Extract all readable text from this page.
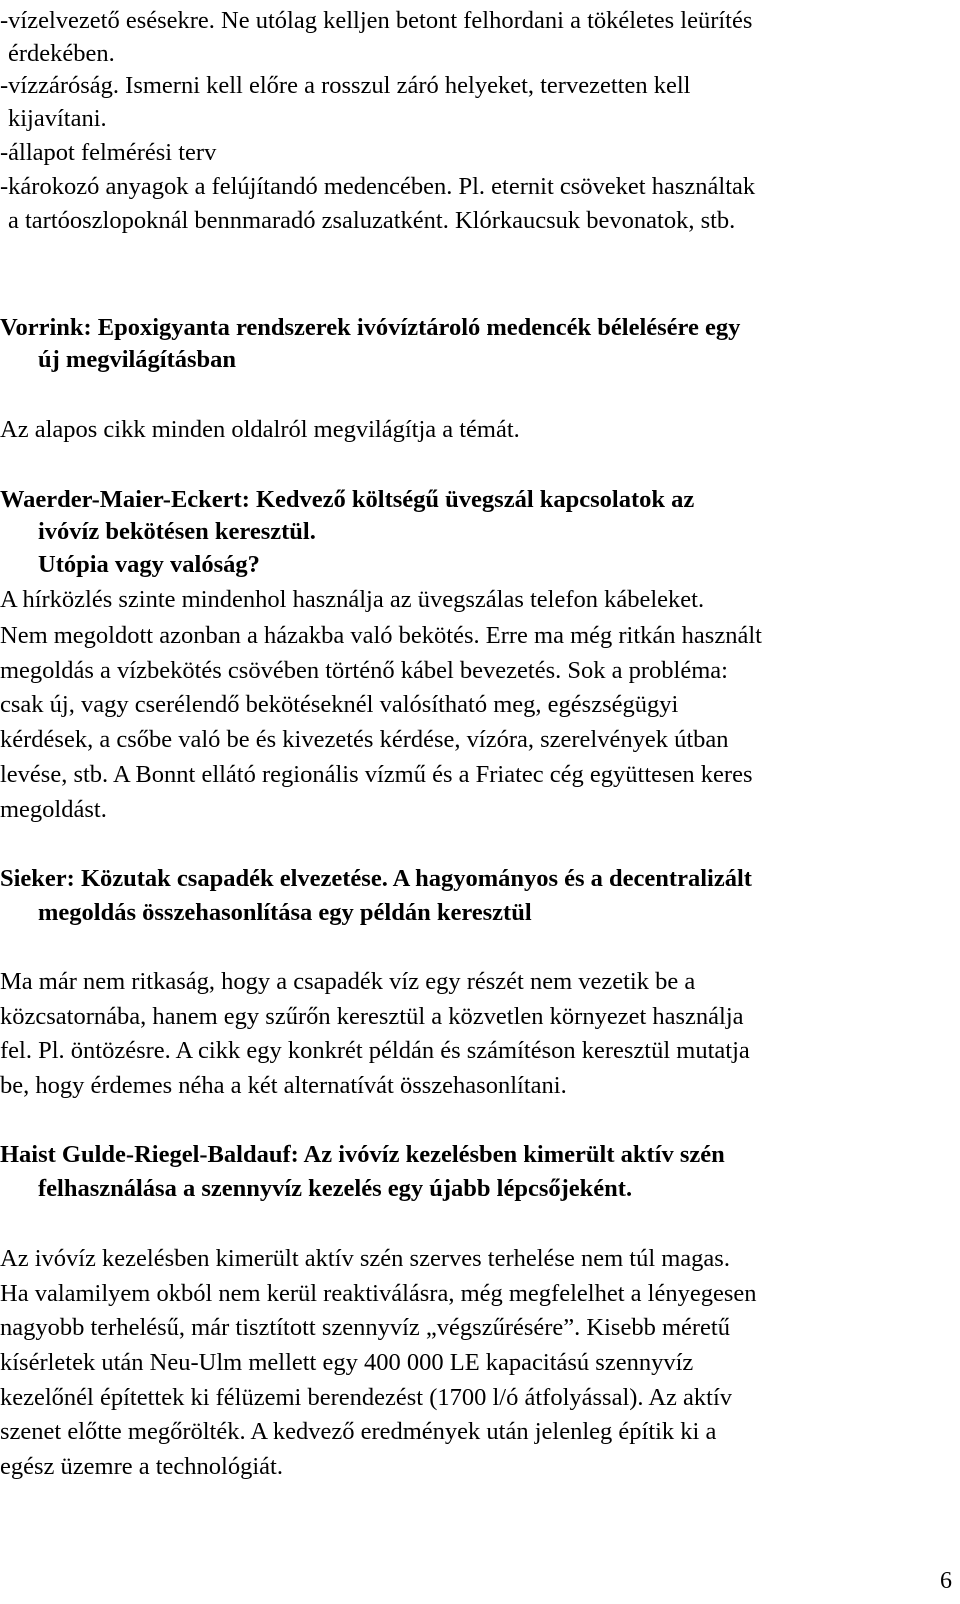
-vízelvezető esésekre. Ne utólag kelljen betont felhordani a tökéletes leürítés
érdekében.
-vízzáróság. Ismerni kell előre a rosszul záró helyeket, tervezetten kell
kijavítani.
-állapot felmérési terv
-károkozó anyagok a felújítandó medencében. Pl. eternit csöveket használtak
a tartóoszlopoknál bennmaradó zsaluzatként. Klórkaucsuk bevonatok, stb.
Vorrink: Epoxigyanta rendszerek ivóvíztároló medencék bélelésére egy
új megvilágításban
Az alapos cikk minden oldalról megvilágítja a témát.
Waerder-Maier-Eckert: Kedvező költségű üvegszál kapcsolatok az
ivóvíz bekötésen keresztül.
Utópia vagy valóság?
A hírközlés szinte mindenhol használja az üvegszálas telefon kábeleket.
Nem megoldott azonban a házakba való bekötés. Erre ma még ritkán használt
megoldás a vízbekötés csövében történő kábel bevezetés. Sok a probléma:
csak új, vagy cserélendő bekötéseknél valósítható meg, egészségügyi
kérdések, a csőbe való be és kivezetés kérdése, vízóra, szerelvények útban
levése, stb. A Bonnt ellátó regionális vízmű és a Friatec cég együttesen keres
megoldást.
Sieker: Közutak csapadék elvezetése. A hagyományos és a decentralizált
megoldás összehasonlítása egy példán keresztül
Ma már nem ritkaság, hogy a csapadék víz egy részét nem vezetik be a
közcsatornába, hanem egy szűrőn keresztül a közvetlen környezet használja
fel. Pl. öntözésre. A cikk egy konkrét példán és számítéson keresztül mutatja
be, hogy érdemes néha a két alternatívát összehasonlítani.
Haist Gulde-Riegel-Baldauf: Az ivóvíz kezelésben kimerült aktív szén
felhasználása a szennyvíz kezelés egy újabb lépcsőjeként.
Az ivóvíz kezelésben kimerült aktív szén szerves terhelése nem túl magas.
Ha valamilyem okból nem kerül reaktiválásra, még megfelelhet a lényegesen
nagyobb terhelésű, már tisztított szennyvíz „végszűrésére”. Kisebb méretű
kísérletek után Neu-Ulm mellett egy 400 000 LE kapacitású szennyvíz
kezelőnél építettek ki félüzemi berendezést (1700 l/ó átfolyással). Az aktív
szenet előtte megőrölték. A kedvező eredmények után jelenleg építik ki a
egész üzemre a technológiát.
6
